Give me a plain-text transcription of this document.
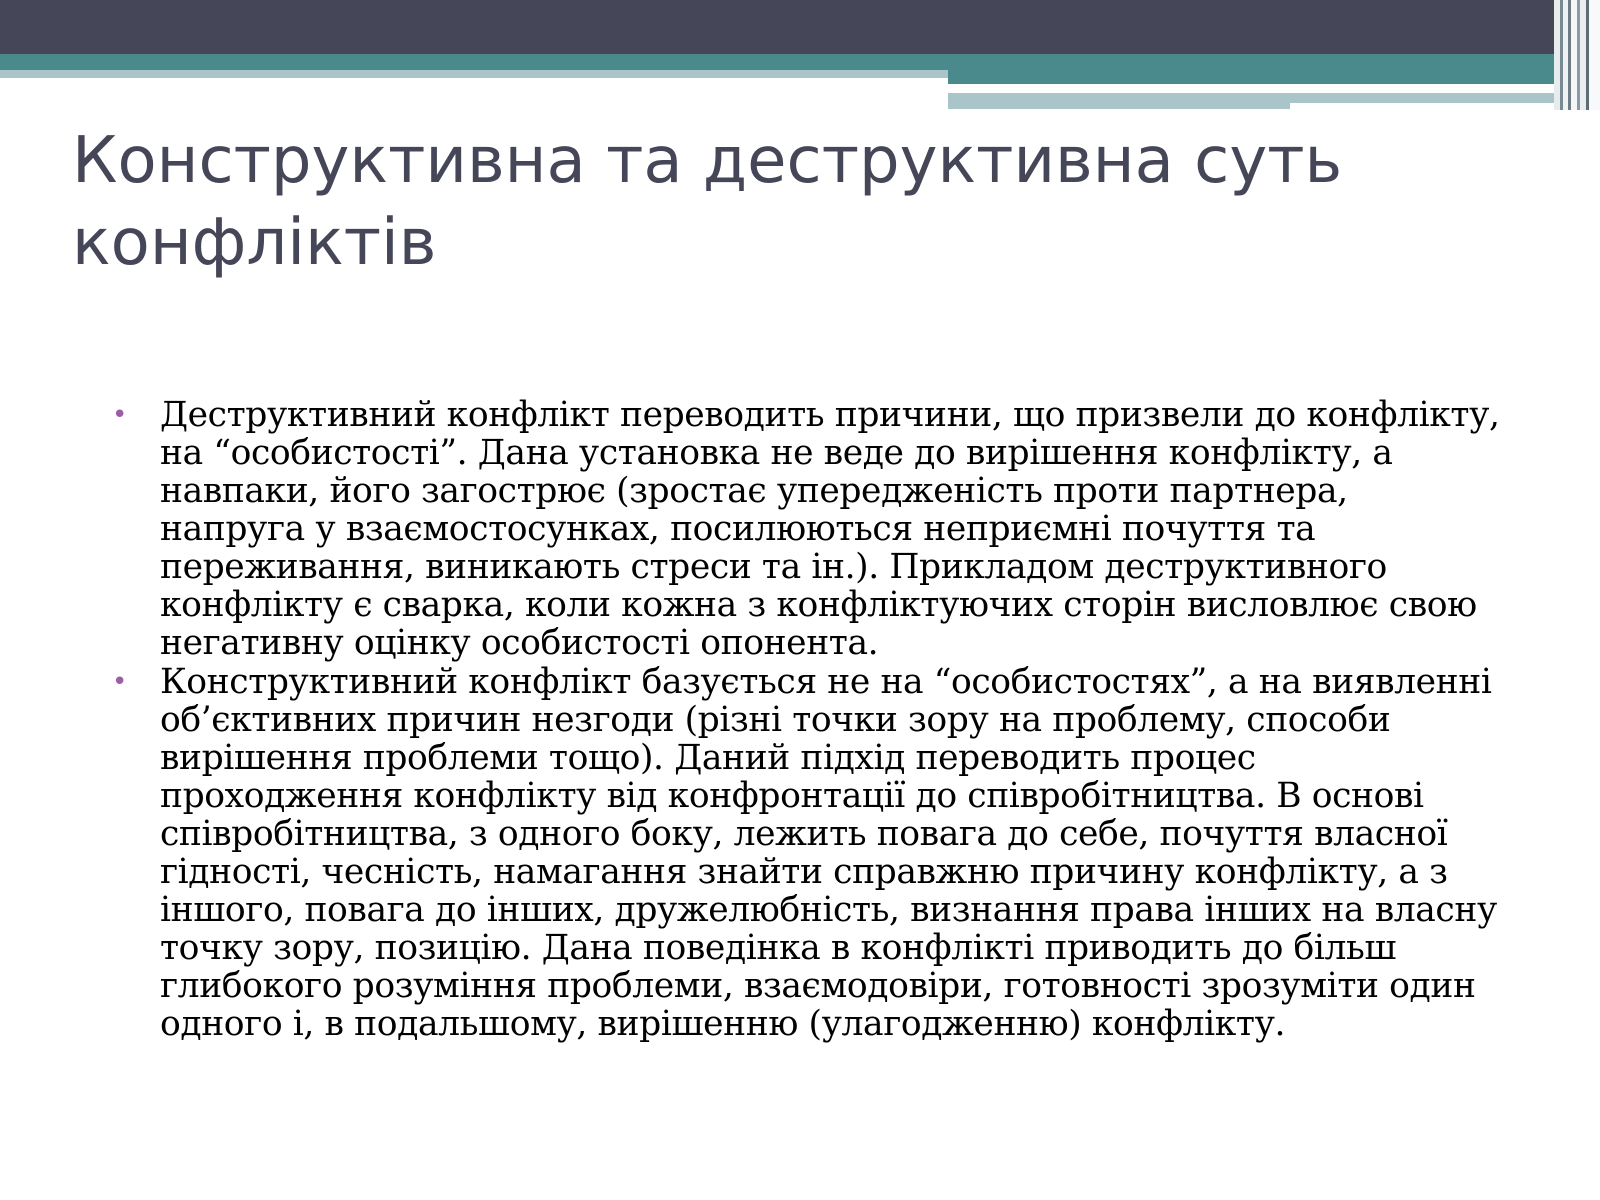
Конструктивна та деструктивна суть конфліктів
• Деструктивний конфлікт переводить причини, що призвели до конфлікту, на “особистості”. Дана установка не веде до вирішення конфлікту, а навпаки, його загострює (зростає упередженість проти партнера, напруга у взаємостосунках, посилюються неприємні почуття та переживання, виникають стреси та ін.). Прикладом деструктивного конфлікту є сварка, коли кожна з конфліктуючих сторін висловлює свою негативну оцінку особистості опонента.
• Конструктивний конфлікт базується не на “особистостях”, а на виявленні об’єктивних причин незгоди (різні точки зору на проблему, способи вирішення проблеми тощо). Даний підхід переводить процес проходження конфлікту від конфронтації до співробітництва. В основі співробітництва, з одного боку, лежить повага до себе, почуття власної гідності, чесність, намагання знайти справжню причину конфлікту, а з іншого, повага до інших, дружелюбність, визнання права інших на власну точку зору, позицію. Дана поведінка в конфлікті приводить до більш глибокого розуміння проблеми, взаємодовіри, готовності зрозуміти один одного і, в подальшому, вирішенню (улагодженню) конфлікту.
